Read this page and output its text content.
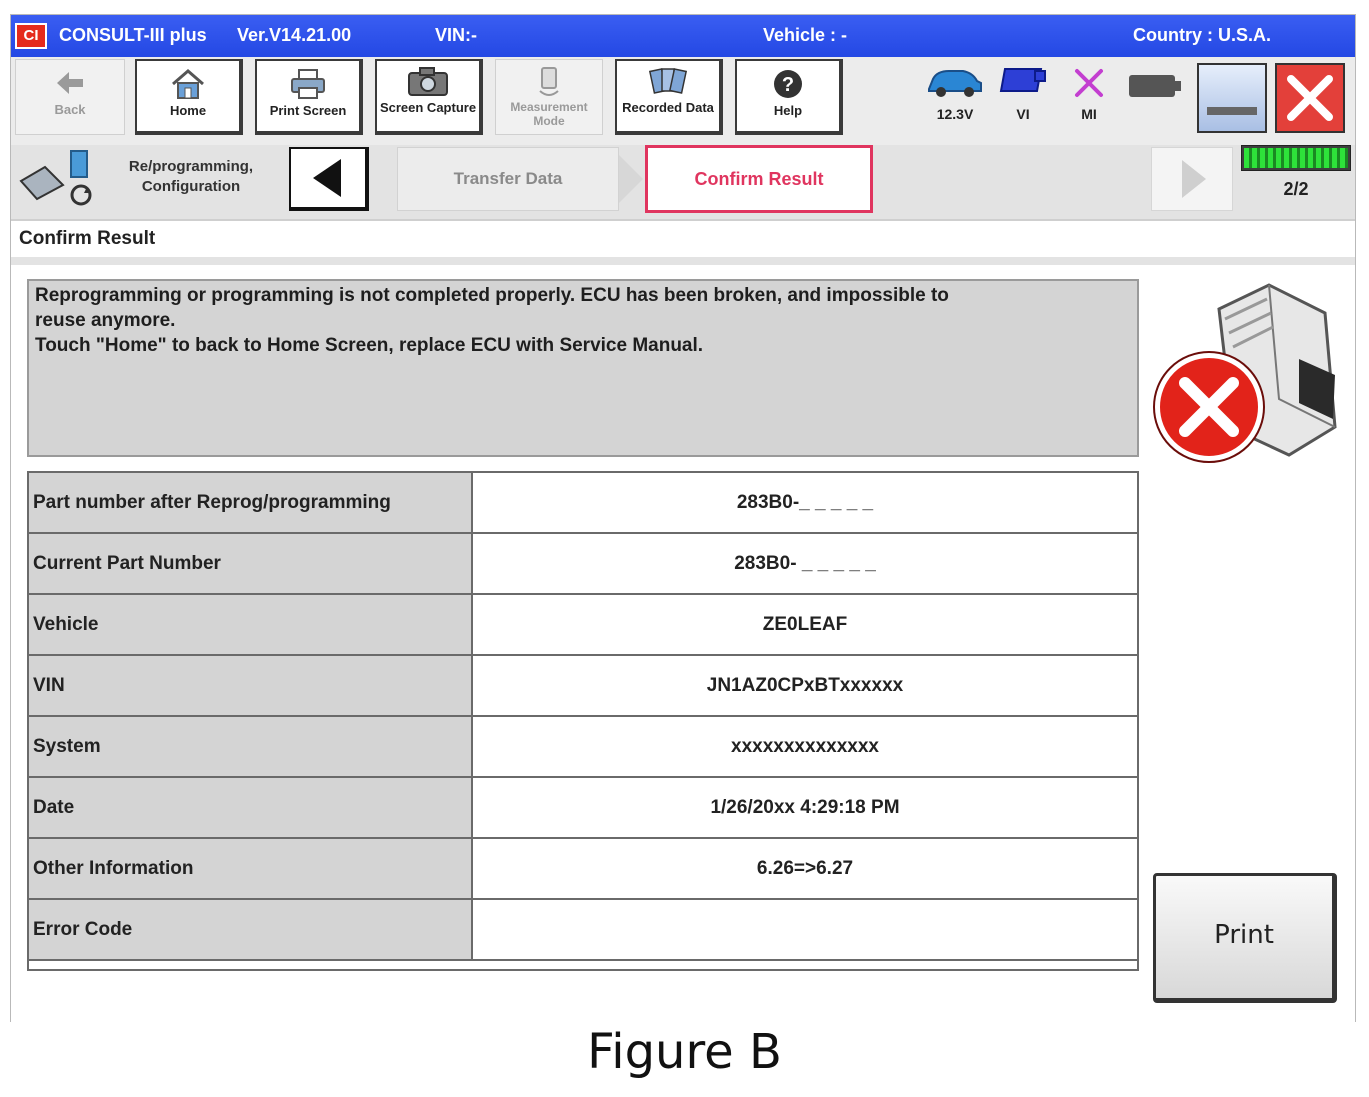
CI	CONSULT-III plus Ver.V14.21.00	VIN:-	Vehicle : -	Country : U.S.A.
Back	Home	Print Screen	Screen Capture	Measurement Mode
Recorded Data
?
Help	12.3V	VI	MI
Re/programming, Configuration	Transfer Data	Confirm Result	2/2
Confirm Result

Reprogramming or programming is not completed properly. ECU has been broken, and impossible to

reuse anymore.

Touch "Home" to back to Home Screen, replace ECU with Service Manual.

Part number after Reprog/programming	283B0-_ _ _ _ _
Current Part Number	283B0- _ _ _ _ _
Vehicle	ZE0LEAF
VIN	JN1AZ0CPxBTxxxxxx
System	xxxxxxxxxxxxxx
Date	1/26/20xx 4:29:18 PM
Other Information	6.26=>6.27
Error Code		Print
Figure B
